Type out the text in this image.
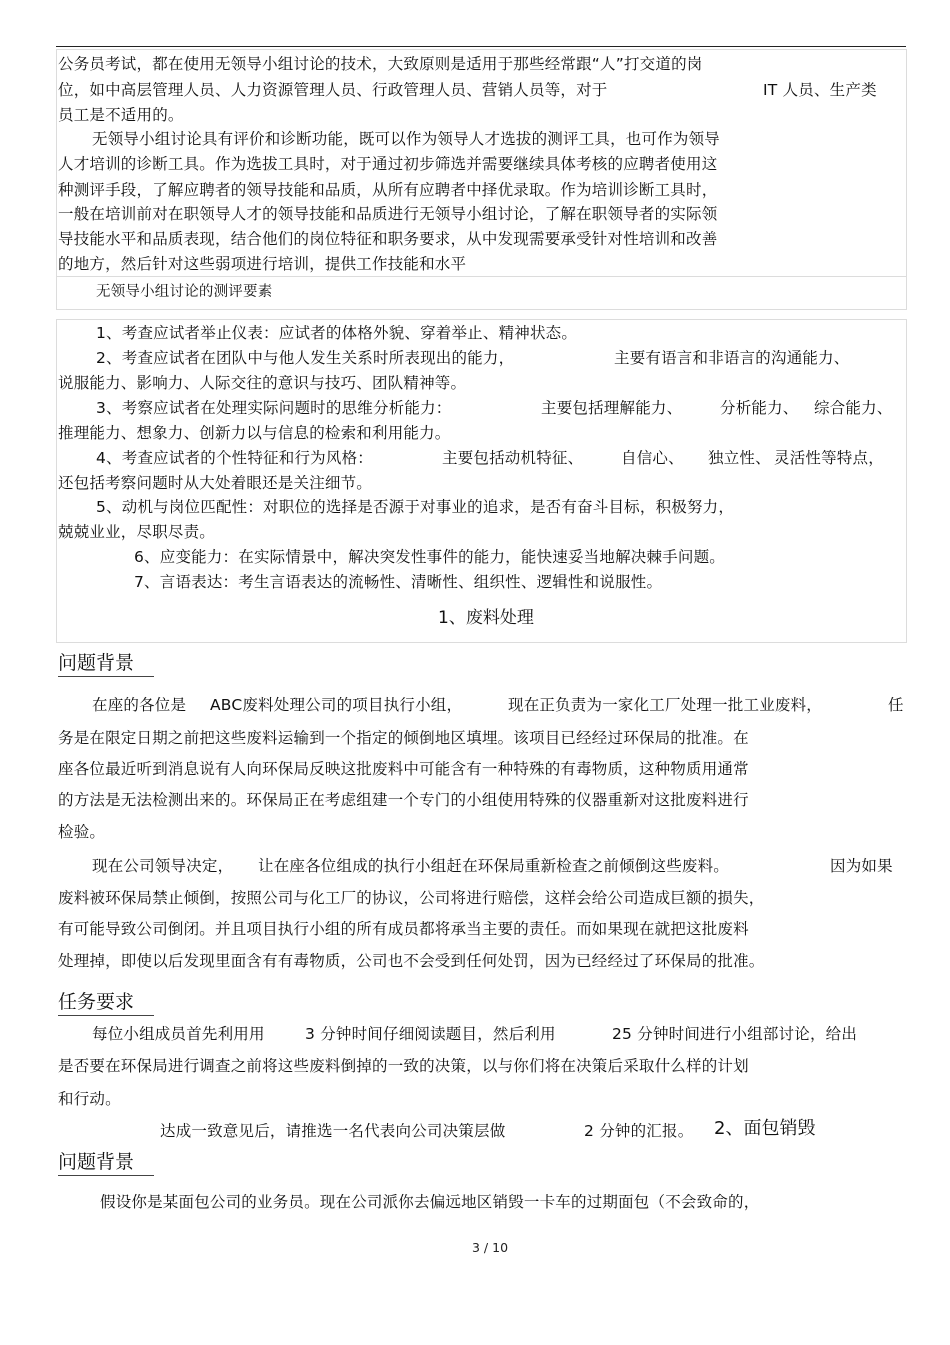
公务员考试，都在使用无领导小组讨论的技术，大致原则是适用于那些经常跟“人”打交道的岗
位，如中高层管理人员、人力资源管理人员、行政管理人员、营销人员等，对于	IT 人员、生产类
员工是不适用的。
无领导小组讨论具有评价和诊断功能，既可以作为领导人才选拔的测评工具，也可作为领导
人才培训的诊断工具。作为选拔工具时，对于通过初步筛选并需要继续具体考核的应聘者使用这
种测评手段，了解应聘者的领导技能和品质，从所有应聘者中择优录取。作为培训诊断工具时，
一般在培训前对在职领导人才的领导技能和品质进行无领导小组讨论，了解在职领导者的实际领
导技能水平和品质表现，结合他们的岗位特征和职务要求，从中发现需要承受针对性培训和改善
的地方，然后针对这些弱项进行培训，提供工作技能和水平
无领导小组讨论的测评要素
1、考查应试者举止仪表：应试者的体格外貌、穿着举止、精神状态。
2、考查应试者在团队中与他人发生关系时所表现出的能力，	主要有语言和非语言的沟通能力、
说服能力、影响力、人际交往的意识与技巧、团队精神等。
3、考察应试者在处理实际问题时的思维分析能力：	主要包括理解能力、 分析能力、 综合能力、
推理能力、想象力、创新力以与信息的检索和利用能力。
4、考查应试者的个性特征和行为风格：	主要包括动机特征、 自信心、 独立性、 灵活性等特点，
还包括考察问题时从大处着眼还是关注细节。
5、动机与岗位匹配性：对职位的选择是否源于对事业的追求，是否有奋斗目标，积极努力，
兢兢业业，尽职尽责。
6、应变能力：在实际情景中，解决突发性事件的能力，能快速妥当地解决棘手问题。
7、言语表达：考生言语表达的流畅性、清晰性、组织性、逻辑性和说服性。
1、废料处理
问题背景
在座的各位是 ABC废料处理公司的项目执行小组，	现在正负责为一家化工厂处理一批工业废料，	任
务是在限定日期之前把这些废料运输到一个指定的倾倒地区填埋。该项目已经经过环保局的批准。在
座各位最近听到消息说有人向环保局反映这批废料中可能含有一种特殊的有毒物质，这种物质用通常
的方法是无法检测出来的。环保局正在考虑组建一个专门的小组使用特殊的仪器重新对这批废料进行
检验。
现在公司领导决定， 让在座各位组成的执行小组赶在环保局重新检查之前倾倒这些废料。	因为如果
废料被环保局禁止倾倒，按照公司与化工厂的协议，公司将进行赔偿，这样会给公司造成巨额的损失，
有可能导致公司倒闭。并且项目执行小组的所有成员都将承当主要的责任。而如果现在就把这批废料
处理掉，即使以后发现里面含有有毒物质，公司也不会受到任何处罚，因为已经经过了环保局的批准。
任务要求
每位小组成员首先利用用	3 分钟时间仔细阅读题目，然后利用	25 分钟时间进行小组部讨论，给出
是否要在环保局进行调查之前将这些废料倒掉的一致的决策，以与你们将在决策后采取什么样的计划
和行动。
达成一致意见后，请推选一名代表向公司决策层做	2 分钟的汇报。 2、面包销毁
问题背景
假设你是某面包公司的业务员。现在公司派你去偏远地区销毁一卡车的过期面包（不会致命的，
3 / 10
